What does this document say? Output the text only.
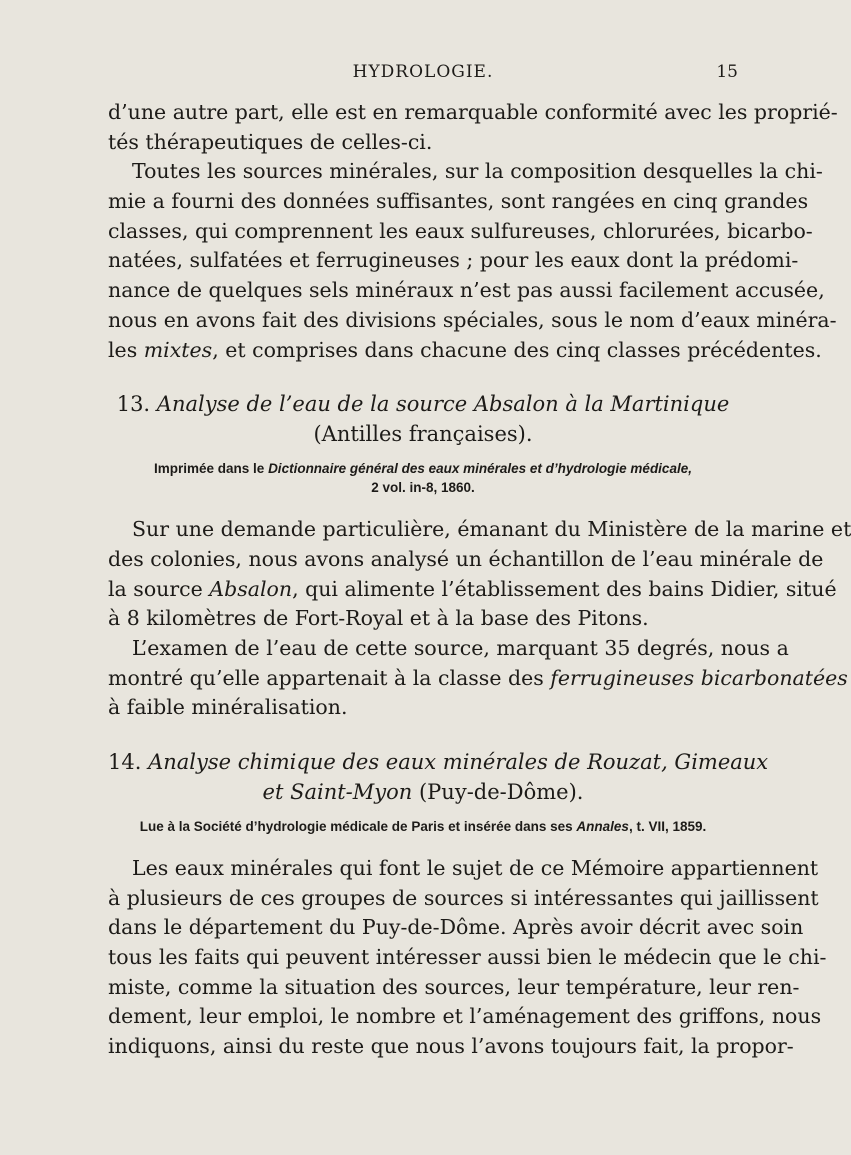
HYDROLOGIE.	15
d’une autre part, elle est en remarquable conformité avec les proprié-
tés thérapeutiques de celles-ci.
Toutes les sources minérales, sur la composition desquelles la chi-
mie a fourni des données suffisantes, sont rangées en cinq grandes
classes, qui comprennent les eaux sulfureuses, chlorurées, bicarbo-
natées, sulfatées et ferrugineuses ; pour les eaux dont la prédomi-
nance de quelques sels minéraux n’est pas aussi facilement accusée,
nous en avons fait des divisions spéciales, sous le nom d’eaux minéra-
les mixtes, et comprises dans chacune des cinq classes précédentes.
13. Analyse de l’eau de la source Absalon à la Martinique
(Antilles françaises).
Imprimée dans le Dictionnaire général des eaux minérales et d’hydrologie médicale,
2 vol. in-8, 1860.
Sur une demande particulière, émanant du Ministère de la marine et
des colonies, nous avons analysé un échantillon de l’eau minérale de
la source Absalon, qui alimente l’établissement des bains Didier, situé
à 8 kilomètres de Fort-Royal et à la base des Pitons.
L’examen de l’eau de cette source, marquant 35 degrés, nous a
montré qu’elle appartenait à la classe des ferrugineuses bicarbonatées
à faible minéralisation.
14. Analyse chimique des eaux minérales de Rouzat, Gimeaux
et Saint-Myon (Puy-de-Dôme).
Lue à la Société d’hydrologie médicale de Paris et insérée dans ses Annales, t. VII, 1859.
Les eaux minérales qui font le sujet de ce Mémoire appartiennent
à plusieurs de ces groupes de sources si intéressantes qui jaillissent
dans le département du Puy-de-Dôme. Après avoir décrit avec soin
tous les faits qui peuvent intéresser aussi bien le médecin que le chi-
miste, comme la situation des sources, leur température, leur ren-
dement, leur emploi, le nombre et l’aménagement des griffons, nous
indiquons, ainsi du reste que nous l’avons toujours fait, la propor-
